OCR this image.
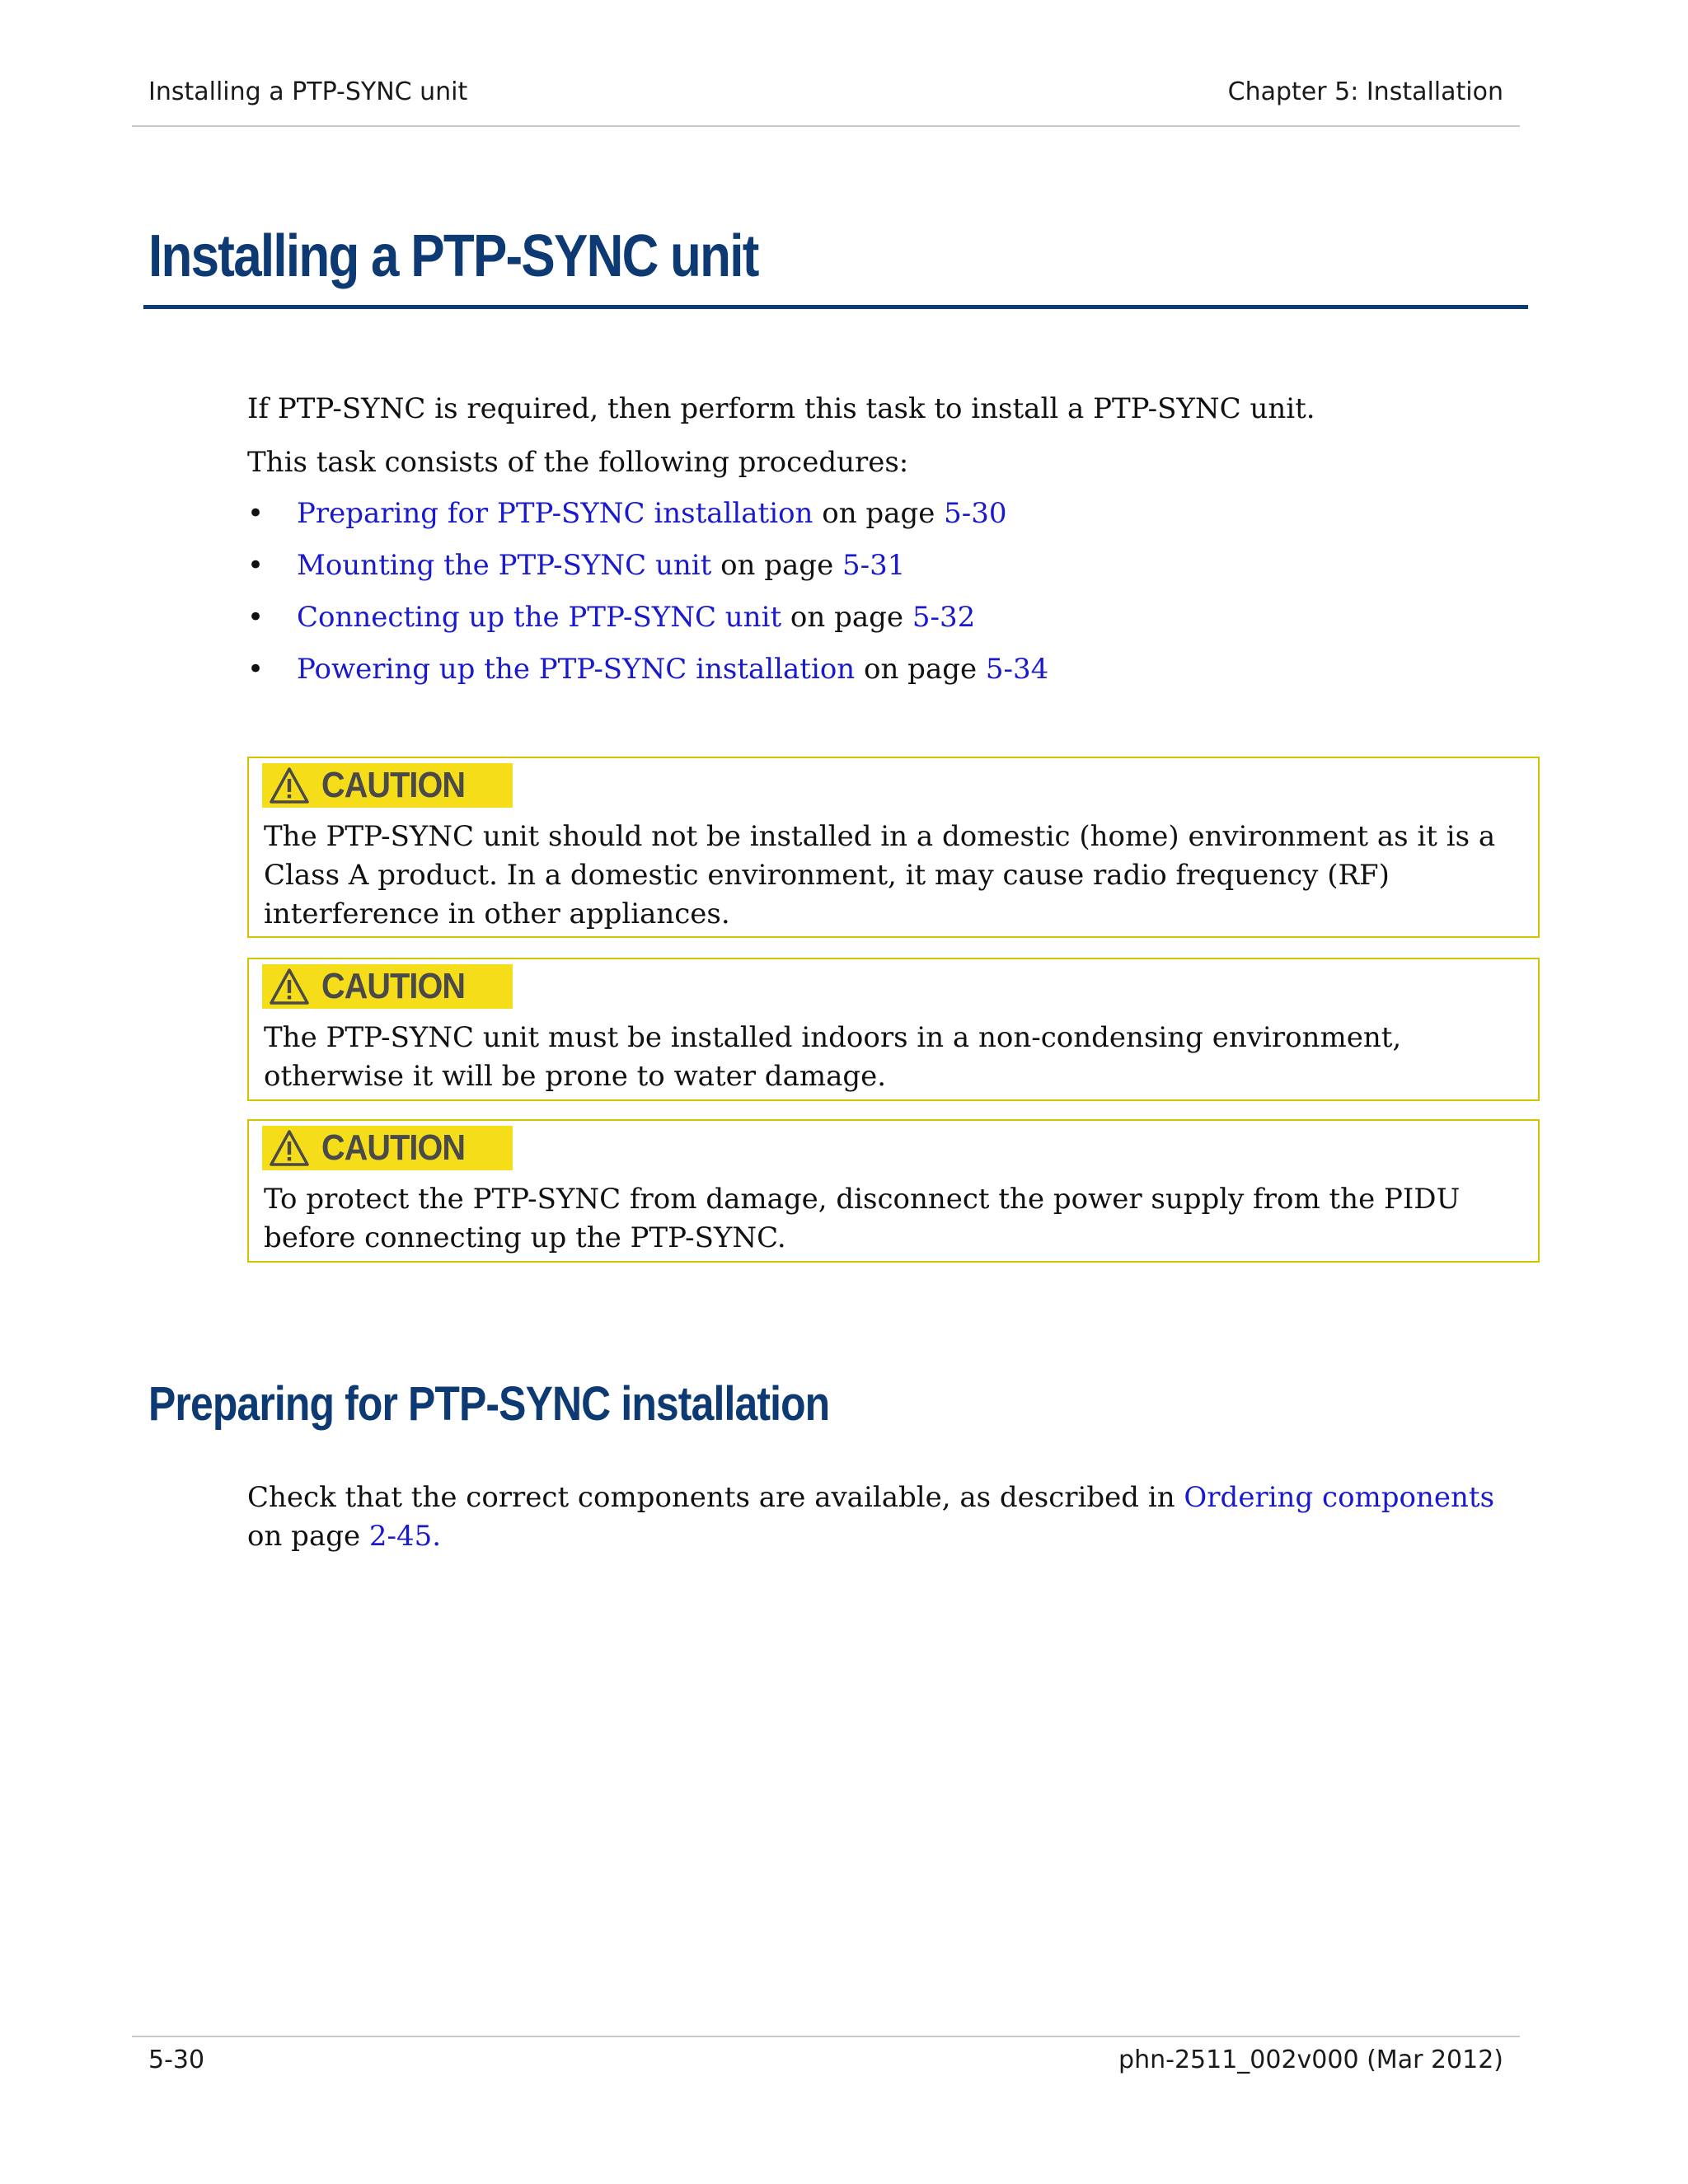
Installing a PTP-SYNC unit	Chapter 5: Installation
Installing a PTP-SYNC unit

If PTP-SYNC is required, then perform this task to install a PTP-SYNC unit.

This task consists of the following procedures:

• Preparing for PTP-SYNC installation on page 5-30
• Mounting the PTP-SYNC unit on page 5-31
• Connecting up the PTP-SYNC unit on page 5-32
• Powering up the PTP-SYNC installation on page 5-34
CAUTION

The PTP-SYNC unit should not be installed in a domestic (home) environment as it is a Class A product. In a domestic environment, it may cause radio frequency (RF) interference in other appliances.

CAUTION

The PTP-SYNC unit must be installed indoors in a non-condensing environment, otherwise it will be prone to water damage.

CAUTION

To protect the PTP-SYNC from damage, disconnect the power supply from the PIDU before connecting up the PTP-SYNC.

Preparing for PTP-SYNC installation

Check that the correct components are available, as described in Ordering components on page 2-45.

5-30	phn-2511_002v000 (Mar 2012)
